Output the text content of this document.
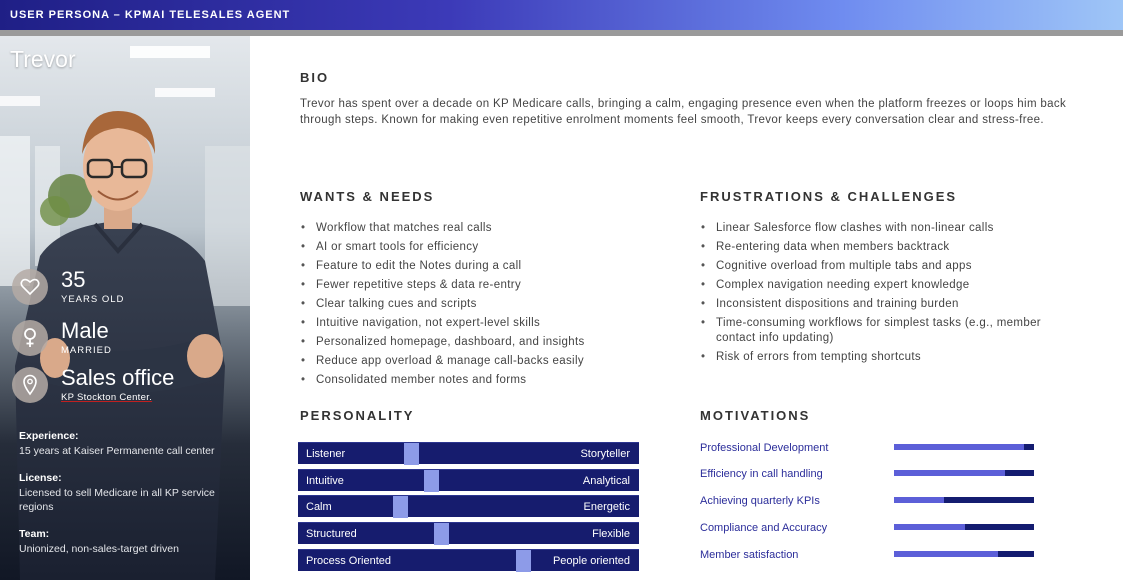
USER PERSONA – KPMAI TELESALES AGENT
Trevor
35
YEARS OLD
Male
MARRIED
Sales office
KP Stockton Center.
Experience:
15 years at Kaiser Permanente call center
License:
Licensed to sell Medicare in all KP service regions
Team:
Unionized, non-sales-target driven
BIO
Trevor has spent over a decade on KP Medicare calls, bringing a calm, engaging presence even when the platform freezes or loops him back through steps. Known for making even repetitive enrolment moments feel smooth, Trevor keeps every conversation clear and stress-free.
WANTS & NEEDS
• Workflow that matches real calls
• AI or smart tools for efficiency
• Feature to edit the Notes during a call
• Fewer repetitive steps & data re-entry
• Clear talking cues and scripts
• Intuitive navigation, not expert-level skills
• Personalized homepage, dashboard, and insights
• Reduce app overload & manage call-backs easily
• Consolidated member notes and forms
FRUSTRATIONS & CHALLENGES
• Linear Salesforce flow clashes with non-linear calls
• Re-entering data when members backtrack
• Cognitive overload from multiple tabs and apps
• Complex navigation needing expert knowledge
• Inconsistent dispositions and training burden
• Time-consuming workflows for simplest tasks (e.g., member contact info updating)
• Risk of errors from tempting shortcuts
PERSONALITY
Listener	Storyteller
Intuitive	Analytical
Calm	Energetic
Structured	Flexible
Process Oriented	People oriented
MOTIVATIONS
Professional Development
Efficiency in call handling
Achieving quarterly KPIs
Compliance and Accuracy
Member satisfaction
